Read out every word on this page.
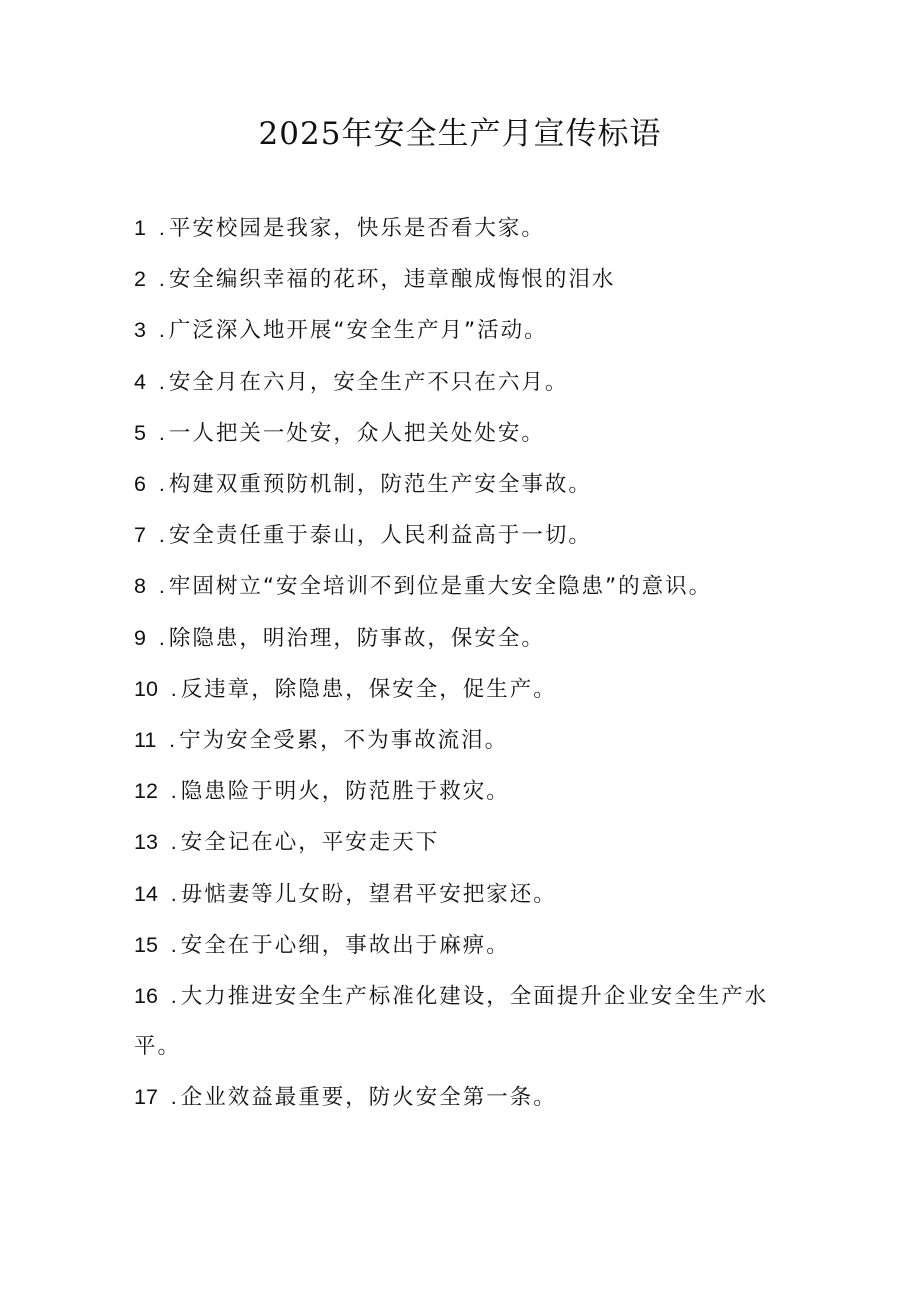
2025年安全生产月宣传标语
1 . 平安校园是我家，快乐是否看大家。
2 . 安全编织幸福的花环，违章酿成悔恨的泪水
3 . 广泛深入地开展“安全生产月”活动。
4 . 安全月在六月，安全生产不只在六月。
5 . 一人把关一处安，众人把关处处安。
6 . 构建双重预防机制，防范生产安全事故。
7 . 安全责任重于泰山，人民利益高于一切。
8 . 牢固树立“安全培训不到位是重大安全隐患”的意识。
9 . 除隐患，明治理，防事故，保安全。
10 . 反违章，除隐患，保安全，促生产。
11 . 宁为安全受累，不为事故流泪。
12 . 隐患险于明火，防范胜于救灾。
13 . 安全记在心，平安走天下
14 . 毋惦妻等儿女盼，望君平安把家还。
15 . 安全在于心细，事故出于麻痹。
16 . 大力推进安全生产标准化建设，全面提升企业安全生产水平。
17 . 企业效益最重要，防火安全第一条。
